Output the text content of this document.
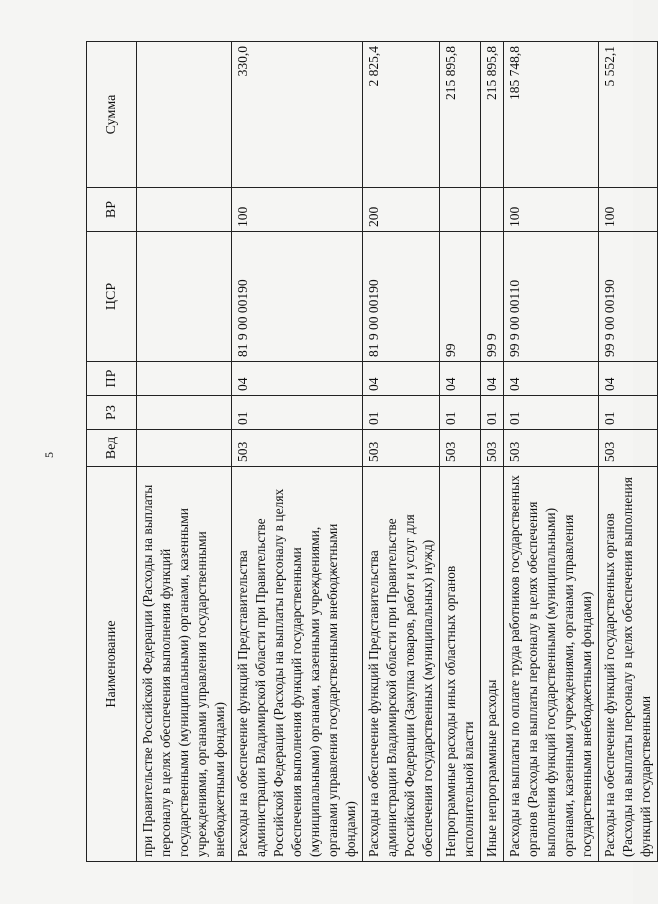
5
Наименование	Вед	РЗ	ПР	ЦСР	ВР	Сумма
при Правительстве Российской Федерации (Расходы на выплаты персоналу в целях обеспечения выполнения функций государственными (муниципальными) органами, казенными учреждениями, органами управления государственными внебюджетными фондами)						
Расходы на обеспечение функций Представительства администрации Владимирской области при Правительстве Российской Федерации (Расходы на выплаты персоналу в целях обеспечения выполнения функций государственными (муниципальными) органами, казенными учреждениями, органами управления государственными внебюджетными фондами)	503	01	04	81 9 00 00190	100	330,0
Расходы на обеспечение функций Представительства администрации Владимирской области при Правительстве Российской Федерации (Закупка товаров, работ и услуг для обеспечения государственных (муниципальных) нужд)	503	01	04	81 9 00 00190	200	2 825,4
Непрограммные расходы иных областных органов исполнительной власти	503	01	04	99		215 895,8
Иные непрограммные расходы	503	01	04	99 9		215 895,8
Расходы на выплаты по оплате труда работников государственных органов (Расходы на выплаты персоналу в целях обеспечения выполнения функций государственными (муниципальными) органами, казенными учреждениями, органами управления государственными внебюджетными фондами)	503	01	04	99 9 00 00110	100	185 748,8
Расходы на обеспечение функций государственных органов (Расходы на выплаты персоналу в целях обеспечения выполнения функций государственными	503	01	04	99 9 00 00190	100	5 552,1
